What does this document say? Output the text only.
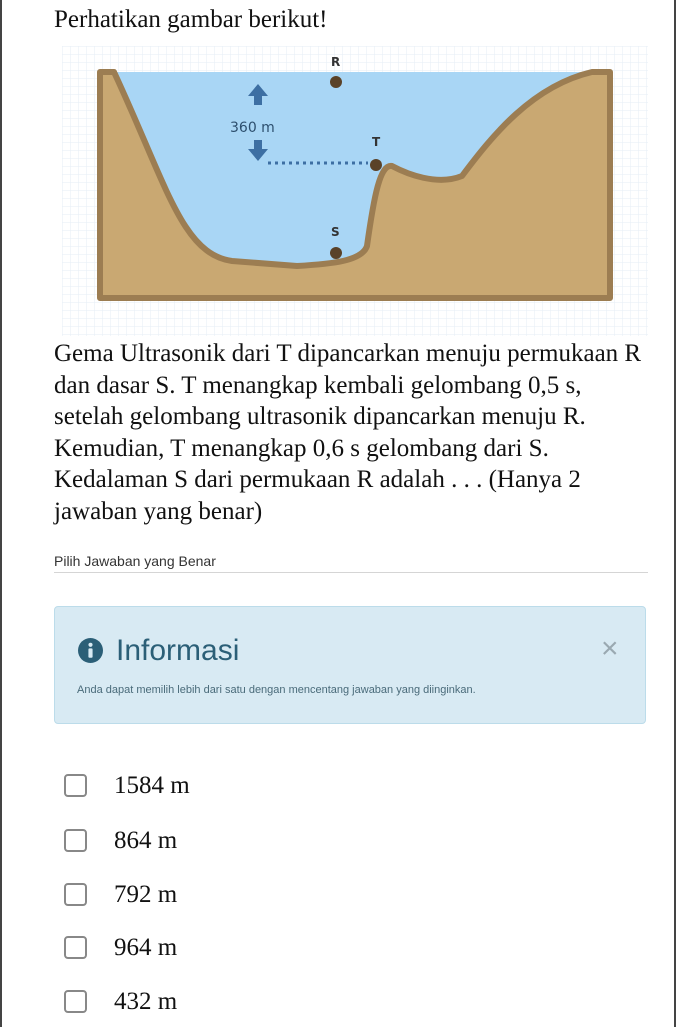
Perhatikan gambar berikut!
360 m
R
T
S
Gema Ultrasonik dari T dipancarkan menuju permukaan R dan dasar S. T menangkap kembali gelombang 0,5 s, setelah gelombang ultrasonik dipancarkan menuju R. Kemudian, T menangkap 0,6 s gelombang dari S. Kedalaman S dari permukaan R adalah . . . (Hanya 2 jawaban yang benar)
Pilih Jawaban yang Benar
Informasi	×
Anda dapat memilih lebih dari satu dengan mencentang jawaban yang diinginkan.
1584 m
864 m
792 m
964 m
432 m
